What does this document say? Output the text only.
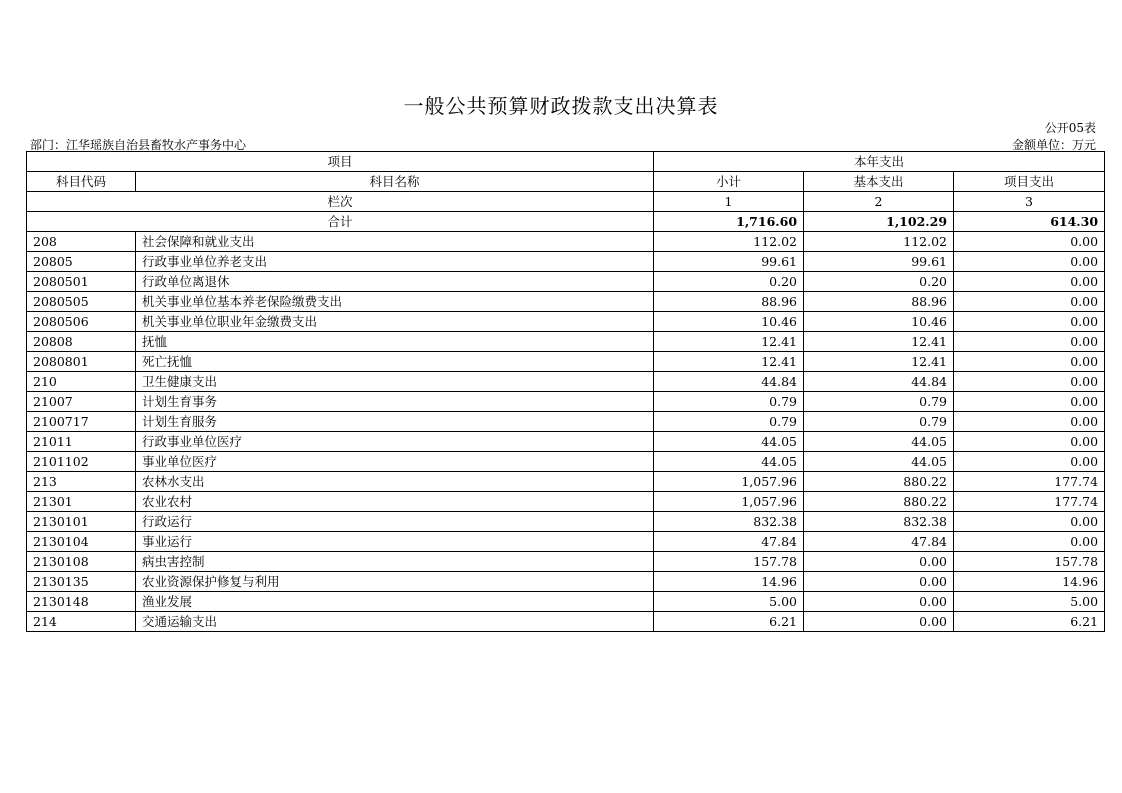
一般公共预算财政拨款支出决算表
公开05表
部门：江华瑶族自治县畜牧水产事务中心	金额单位：万元
项目		本年支出		
科目代码	科目名称	小计	基本支出	项目支出
栏次		1	2	3
合计		1,716.60	1,102.29	614.30
208	社会保障和就业支出	112.02	112.02	0.00
20805	行政事业单位养老支出	99.61	99.61	0.00
2080501	行政单位离退休	0.20	0.20	0.00
2080505	机关事业单位基本养老保险缴费支出	88.96	88.96	0.00
2080506	机关事业单位职业年金缴费支出	10.46	10.46	0.00
20808	抚恤	12.41	12.41	0.00
2080801	死亡抚恤	12.41	12.41	0.00
210	卫生健康支出	44.84	44.84	0.00
21007	计划生育事务	0.79	0.79	0.00
2100717	计划生育服务	0.79	0.79	0.00
21011	行政事业单位医疗	44.05	44.05	0.00
2101102	事业单位医疗	44.05	44.05	0.00
213	农林水支出	1,057.96	880.22	177.74
21301	农业农村	1,057.96	880.22	177.74
2130101	行政运行	832.38	832.38	0.00
2130104	事业运行	47.84	47.84	0.00
2130108	病虫害控制	157.78	0.00	157.78
2130135	农业资源保护修复与利用	14.96	0.00	14.96
2130148	渔业发展	5.00	0.00	5.00
214	交通运输支出	6.21	0.00	6.21
